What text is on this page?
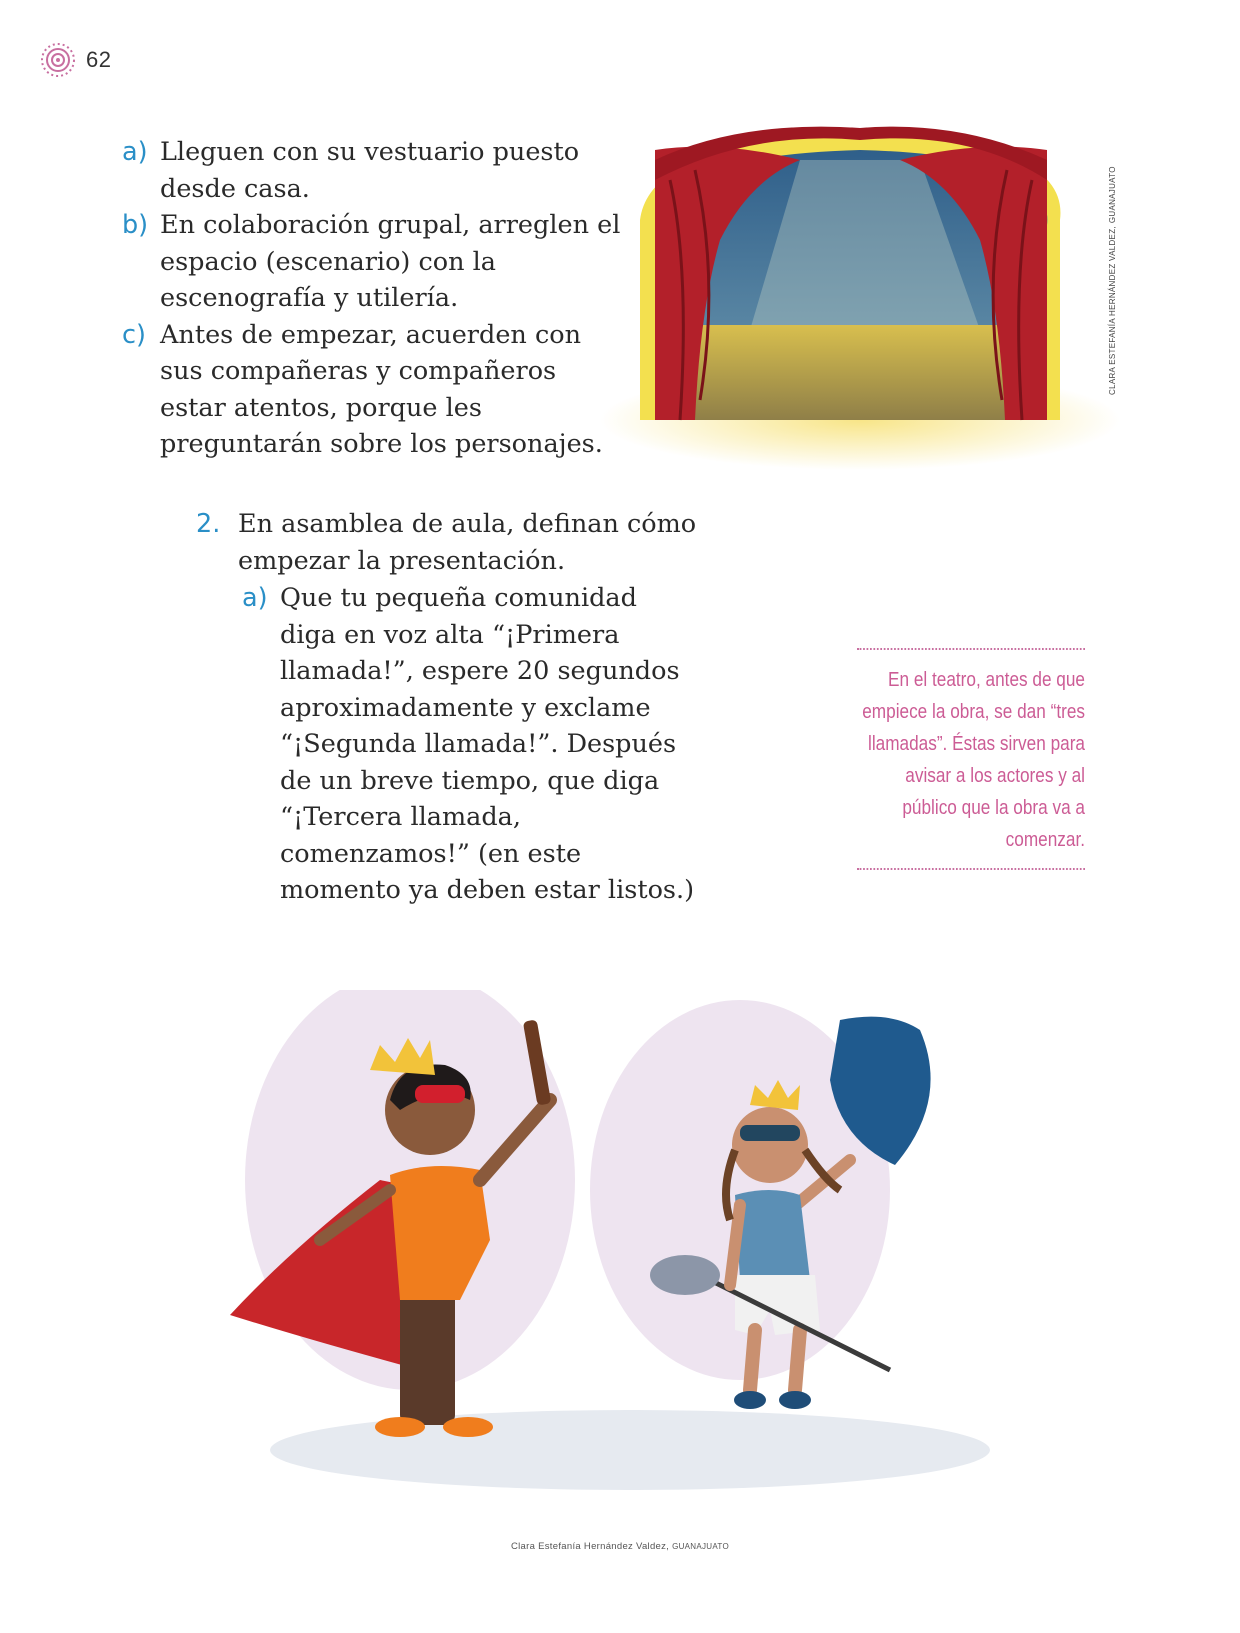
62
a) Lleguen con su vestuario puesto desde casa.
b) En colaboración grupal, arreglen el espacio (escenario) con la escenografía y utilería.
c) Antes de empezar, acuerden con sus compañeras y compañeros estar atentos, porque les preguntarán sobre los personajes.
CLARA ESTEFANÍA HERNÁNDEZ VALDEZ, GUANAJUATO
2. En asamblea de aula, definan cómo empezar la presentación.
a) Que tu pequeña comunidad diga en voz alta “¡Primera llamada!”, espere 20 segundos aproximadamente y exclame “¡Segunda llamada!”. Después de un breve tiempo, que diga “¡Tercera llamada, comenzamos!” (en este momento ya deben estar listos.)
En el teatro, antes de que empiece la obra, se dan “tres llamadas”. Éstas sirven para avisar a los actores y al público que la obra va a comenzar.
Clara Estefanía Hernández Valdez, GUANAJUATO
